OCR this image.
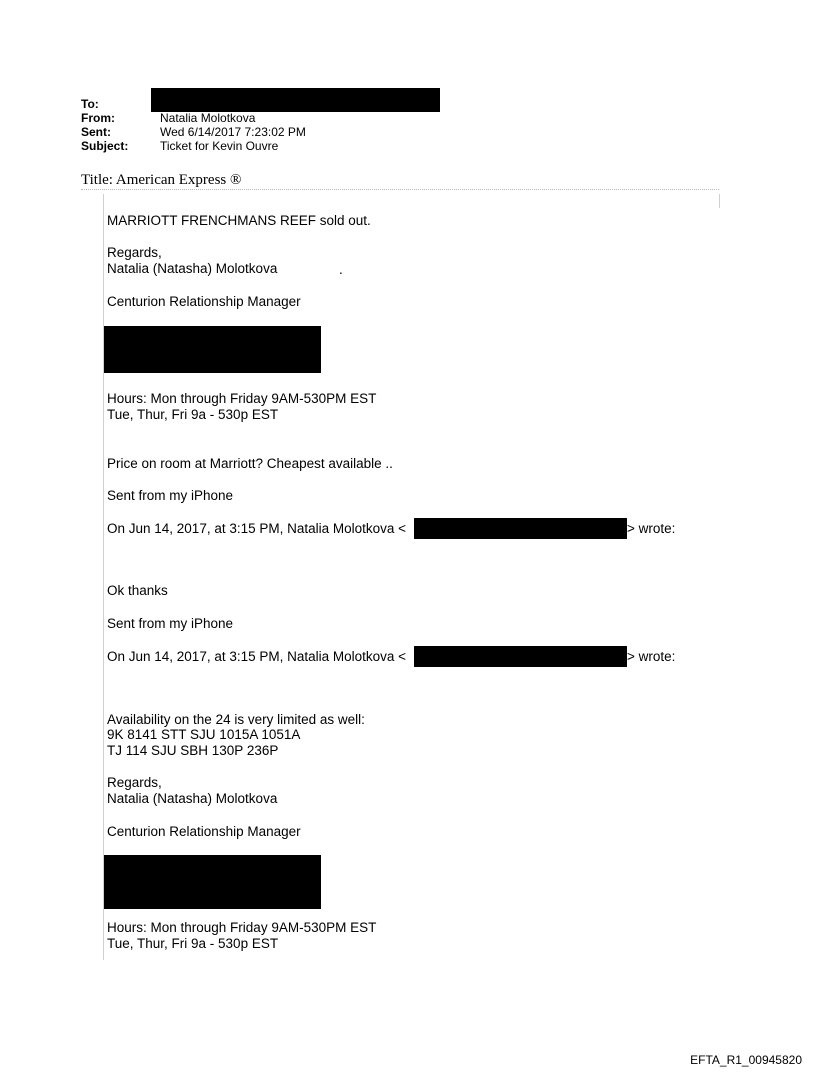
To:
From:	Natalia Molotkova
Sent:	Wed 6/14/2017 7:23:02 PM
Subject:	Ticket for Kevin Ouvre
Title: American Express ®
MARRIOTT FRENCHMANS REEF sold out.
Regards,
Natalia (Natasha) Molotkova	.
Centurion Relationship Manager
Hours: Mon through Friday 9AM-530PM EST
Tue, Thur, Fri 9a - 530p EST
Price on room at Marriott? Cheapest available ..
Sent from my iPhone
On Jun 14, 2017, at 3:15 PM, Natalia Molotkova <	> wrote:
Ok thanks
Sent from my iPhone
On Jun 14, 2017, at 3:15 PM, Natalia Molotkova <	> wrote:
Availability on the 24 is very limited as well:
9K 8141 STT SJU 1015A 1051A
TJ 114 SJU SBH 130P 236P
Regards,
Natalia (Natasha) Molotkova
Centurion Relationship Manager
Hours: Mon through Friday 9AM-530PM EST
Tue, Thur, Fri 9a - 530p EST
EFTA_R1_00945820
